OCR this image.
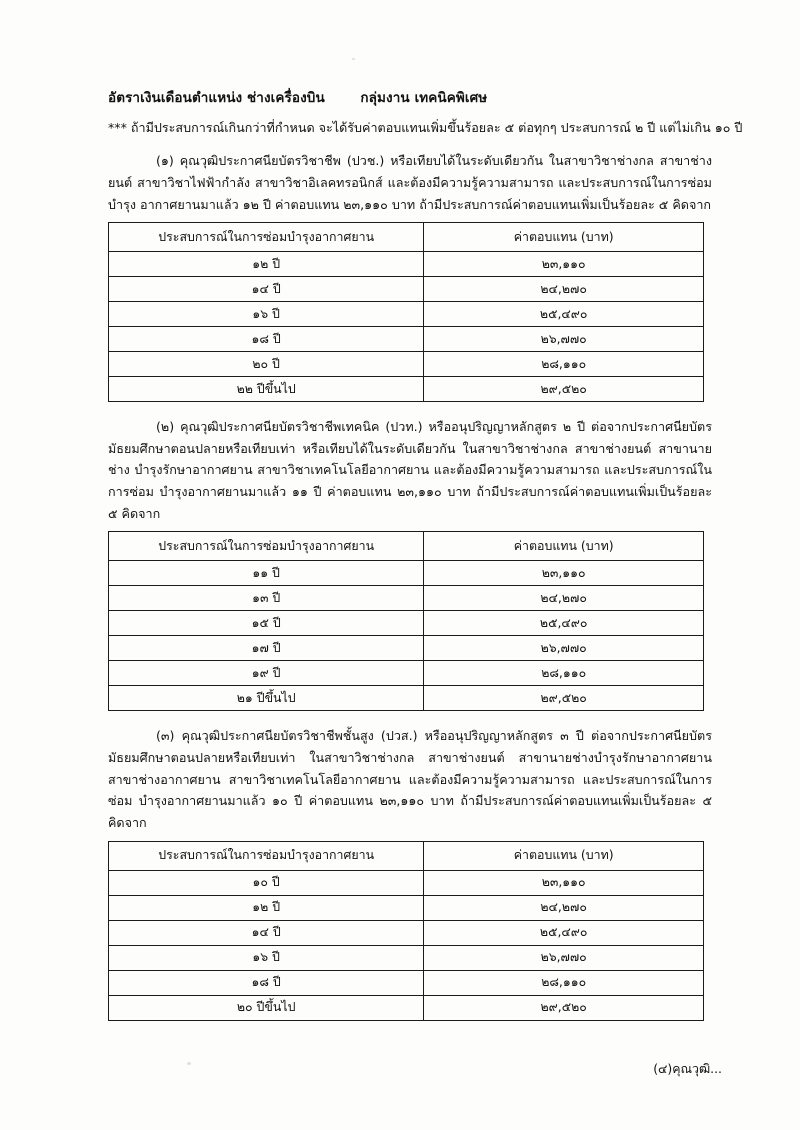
อัตราเงินเดือนตำแหน่ง ช่างเครื่องบิน	กลุ่มงาน เทคนิคพิเศษ
*** ถ้ามีประสบการณ์เกินกว่าที่กำหนด จะได้รับค่าตอบแทนเพิ่มขึ้นร้อยละ ๕ ต่อทุกๆ ประสบการณ์ ๒ ปี แต่ไม่เกิน ๑๐ ปี

(๑) คุณวุฒิประกาศนียบัตรวิชาชีพ (ปวช.) หรือเทียบได้ในระดับเดียวกัน ในสาขาวิชาช่างกล สาขาช่างยนต์ สาขาวิชาไฟฟ้ากำลัง สาขาวิชาอิเลคทรอนิกส์ และต้องมีความรู้ความสามารถ และประสบการณ์ในการซ่อมบำรุง อากาศยานมาแล้ว ๑๒ ปี ค่าตอบแทน ๒๓,๑๑๐ บาท ถ้ามีประสบการณ์ค่าตอบแทนเพิ่มเป็นร้อยละ ๕ คิดจาก

ประสบการณ์ในการซ่อมบำรุงอากาศยาน	ค่าตอบแทน (บาท)
๑๒ ปี	๒๓,๑๑๐
๑๔ ปี	๒๔,๒๗๐
๑๖ ปี	๒๕,๔๙๐
๑๘ ปี	๒๖,๗๗๐
๒๐ ปี	๒๘,๑๑๐
๒๒ ปีขึ้นไป	๒๙,๕๒๐

(๒) คุณวุฒิประกาศนียบัตรวิชาชีพเทคนิค (ปวท.) หรืออนุปริญญาหลักสูตร ๒ ปี ต่อจากประกาศนียบัตร มัธยมศึกษาตอนปลายหรือเทียบเท่า หรือเทียบได้ในระดับเดียวกัน ในสาขาวิชาช่างกล สาขาช่างยนต์ สาขานายช่าง บำรุงรักษาอากาศยาน สาขาวิชาเทคโนโลยีอากาศยาน และต้องมีความรู้ความสามารถ และประสบการณ์ในการซ่อม บำรุงอากาศยานมาแล้ว ๑๑ ปี ค่าตอบแทน ๒๓,๑๑๐ บาท ถ้ามีประสบการณ์ค่าตอบแทนเพิ่มเป็นร้อยละ ๕ คิดจาก

ประสบการณ์ในการซ่อมบำรุงอากาศยาน	ค่าตอบแทน (บาท)
๑๑ ปี	๒๓,๑๑๐
๑๓ ปี	๒๔,๒๗๐
๑๕ ปี	๒๕,๔๙๐
๑๗ ปี	๒๖,๗๗๐
๑๙ ปี	๒๘,๑๑๐
๒๑ ปีขึ้นไป	๒๙,๕๒๐

(๓) คุณวุฒิประกาศนียบัตรวิชาชีพชั้นสูง (ปวส.) หรืออนุปริญญาหลักสูตร ๓ ปี ต่อจากประกาศนียบัตร มัธยมศึกษาตอนปลายหรือเทียบเท่า ในสาขาวิชาช่างกล สาขาช่างยนต์ สาขานายช่างบำรุงรักษาอากาศยาน สาขาช่างอากาศยาน สาขาวิชาเทคโนโลยีอากาศยาน และต้องมีความรู้ความสามารถ และประสบการณ์ในการซ่อม บำรุงอากาศยานมาแล้ว ๑๐ ปี ค่าตอบแทน ๒๓,๑๑๐ บาท ถ้ามีประสบการณ์ค่าตอบแทนเพิ่มเป็นร้อยละ ๕ คิดจาก

ประสบการณ์ในการซ่อมบำรุงอากาศยาน	ค่าตอบแทน (บาท)
๑๐ ปี	๒๓,๑๑๐
๑๒ ปี	๒๔,๒๗๐
๑๔ ปี	๒๕,๔๙๐
๑๖ ปี	๒๖,๗๗๐
๑๘ ปี	๒๘,๑๑๐
๒๐ ปีขึ้นไป	๒๙,๕๒๐
(๔)คุณวุฒิ...
